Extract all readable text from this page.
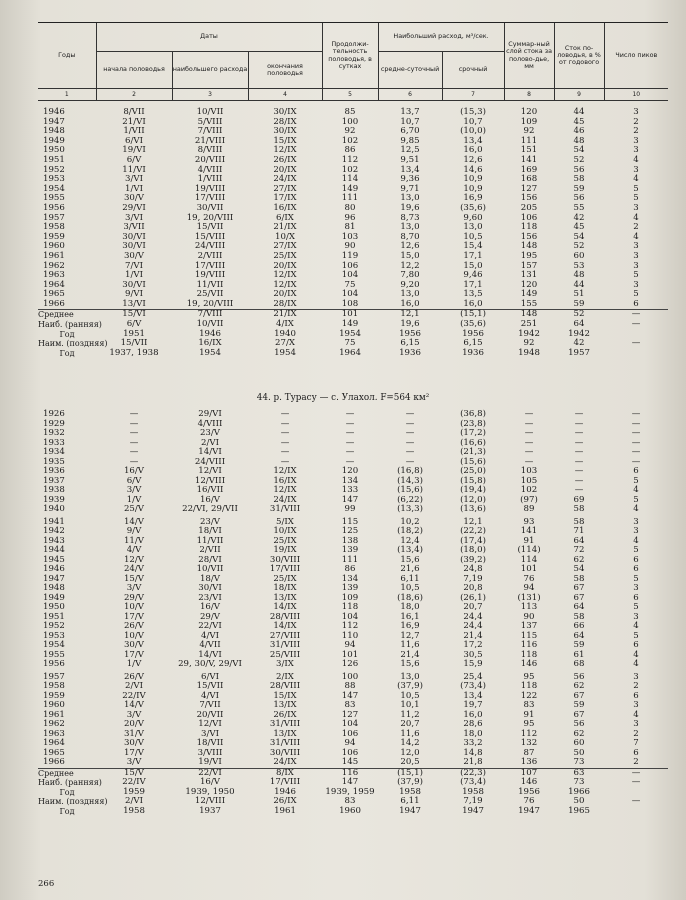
Годы	Даты			Продолжи-тельность половодья, в сутках	Наибольший расход, м³/сек.		Суммар-ный слой стока за полово-дье, мм	Сток по-ловодья, в % от годового	Число пиков
	начала половодья	наибольшего расхода	окончания половодья		средне-суточный	срочный			
1	2	3	4	5	6	7	8	9	10
1946	8/VII	10/VII	30/IX	85	13,7	(15,3)	120	44	3
1947	21/VI	5/VIII	28/IX	100	10,7	10,7	109	45	2
1948	1/VII	7/VIII	30/IX	92	6,70	(10,0)	92	46	2
1949	6/VI	21/VIII	15/IX	102	9,85	13,4	111	48	3
1950	19/VI	8/VIII	12/IX	86	12,5	16,0	151	54	3
1951	6/V	20/VIII	26/IX	112	9,51	12,6	141	52	4
1952	11/VI	4/VIII	20/IX	102	13,4	14,6	169	56	3
1953	3/VI	1/VIII	24/IX	114	9,36	10,9	168	58	4
1954	1/VI	19/VIII	27/IX	149	9,71	10,9	127	59	5
1955	30/V	17/VIII	17/IX	111	13,0	16,9	156	56	5
1956	29/VI	30/VII	16/IX	80	19,6	(35,6)	205	55	3
1957	3/VI	19, 20/VIII	6/IX	96	8,73	9,60	106	42	4
1958	3/VII	15/VII	21/IX	81	13,0	13,0	118	45	2
1959	30/VI	15/VIII	10/X	103	8,70	10,5	156	54	4
1960	30/VI	24/VIII	27/IX	90	12,6	15,4	148	52	3
1961	30/V	2/VIII	25/IX	119	15,0	17,1	195	60	3
1962	7/VI	17/VIII	20/IX	106	12,2	15,0	157	53	3
1963	1/VI	19/VIII	12/IX	104	7,80	9,46	131	48	5
1964	30/VI	11/VII	12/IX	75	9,20	17,1	120	44	3
1965	9/VI	25/VII	20/IX	104	13,0	13,5	149	51	5
1966	13/VI	19, 20/VIII	28/IX	108	16,0	16,0	155	59	6
Среднее	15/VI	7/VIII	21/IX	101	12,1	(15,1)	148	52	—
Наиб. (ранняя)	6/V	10/VII	4/IX	149	19,6	(35,6)	251	64	—
Год	1951	1946	1940	1954	1956	1956	1942	1942	
Наим. (поздняя)	15/VII	16/IX	27/X	75	6,15	6,15	92	42	—
Год	1937, 1938	1954	1954	1964	1936	1936	1948	1957	
44. р. Турасу — с. Улахол. F=564 км²
1926	—	29/VI	—	—	—	(36,8)	—	—	—
1929	—	4/VIII	—	—	—	(23,8)	—	—	—
1932	—	23/V	—	—	—	(17,2)	—	—	—
1933	—	2/VI	—	—	—	(16,6)	—	—	—
1934	—	14/VI	—	—	—	(21,3)	—	—	—
1935	—	24/VIII	—	—	—	(15,6)	—	—	—
1936	16/V	12/VI	12/IX	120	(16,8)	(25,0)	103	—	6
1937	6/V	12/VIII	16/IX	134	(14,3)	(15,8)	105	—	5
1938	3/V	16/VII	12/IX	133	(15,6)	(19,4)	102	—	4
1939	1/V	16/V	24/IX	147	(6,22)	(12,0)	(97)	69	5
1940	25/V	22/VI, 29/VII	31/VIII	99	(13,3)	(13,6)	89	58	4
1941	14/V	23/V	5/IX	115	10,2	12,1	93	58	3
1942	9/V	18/VI	10/IX	125	(18,2)	(22,2)	141	71	3
1943	11/V	11/VII	25/IX	138	12,4	(17,4)	91	64	4
1944	4/V	2/VII	19/IX	139	(13,4)	(18,0)	(114)	72	5
1945	12/V	28/VI	30/VIII	111	15,6	(39,2)	114	62	6
1946	24/V	10/VII	17/VIII	86	21,6	24,8	101	54	6
1947	15/V	18/V	25/IX	134	6,11	7,19	76	58	5
1948	3/V	30/VI	18/IX	139	10,5	20,8	94	67	3
1949	29/V	23/VI	13/IX	109	(18,6)	(26,1)	(131)	67	6
1950	10/V	16/V	14/IX	118	18,0	20,7	113	64	5
1951	17/V	29/V	28/VIII	104	16,1	24,4	90	58	3
1952	26/V	22/VI	14/IX	112	16,9	24,4	137	66	4
1953	10/V	4/VI	27/VIII	110	12,7	21,4	115	64	5
1954	30/V	4/VII	31/VIII	94	11,6	17,2	116	59	6
1955	17/V	14/VI	25/VIII	101	21,4	30,5	118	61	4
1956	1/V	29, 30/V, 29/VI	3/IX	126	15,6	15,9	146	68	4
1957	26/V	6/VI	2/IX	100	13,0	25,4	95	56	3
1958	2/VI	15/VII	28/VIII	88	(37,9)	(73,4)	118	62	2
1959	22/IV	4/VI	15/IX	147	10,5	13,4	122	67	6
1960	14/V	7/VII	13/IX	83	10,1	19,7	83	59	3
1961	3/V	20/VII	26/IX	127	11,2	16,0	91	67	4
1962	20/V	12/VI	31/VIII	104	20,7	28,6	95	56	3
1963	31/V	3/VI	13/IX	106	11,6	18,0	112	62	2
1964	30/V	18/VII	31/VIII	94	14,2	33,2	132	60	7
1965	17/V	3/VIII	30/VIII	106	12,0	14,8	87	50	6
1966	3/V	19/VI	24/IX	145	20,5	21,8	136	73	2
Среднее	15/V	22/VI	8/IX	116	(15,1)	(22,3)	107	63	—
Наиб. (ранняя)	22/IV	16/V	17/VIII	147	(37,9)	(73,4)	146	73	—
Год	1959	1939, 1950	1946	1939, 1959	1958	1958	1956	1966	
Наим. (поздняя)	2/VI	12/VIII	26/IX	83	6,11	7,19	76	50	—
Год	1958	1937	1961	1960	1947	1947	1947	1965	
266
